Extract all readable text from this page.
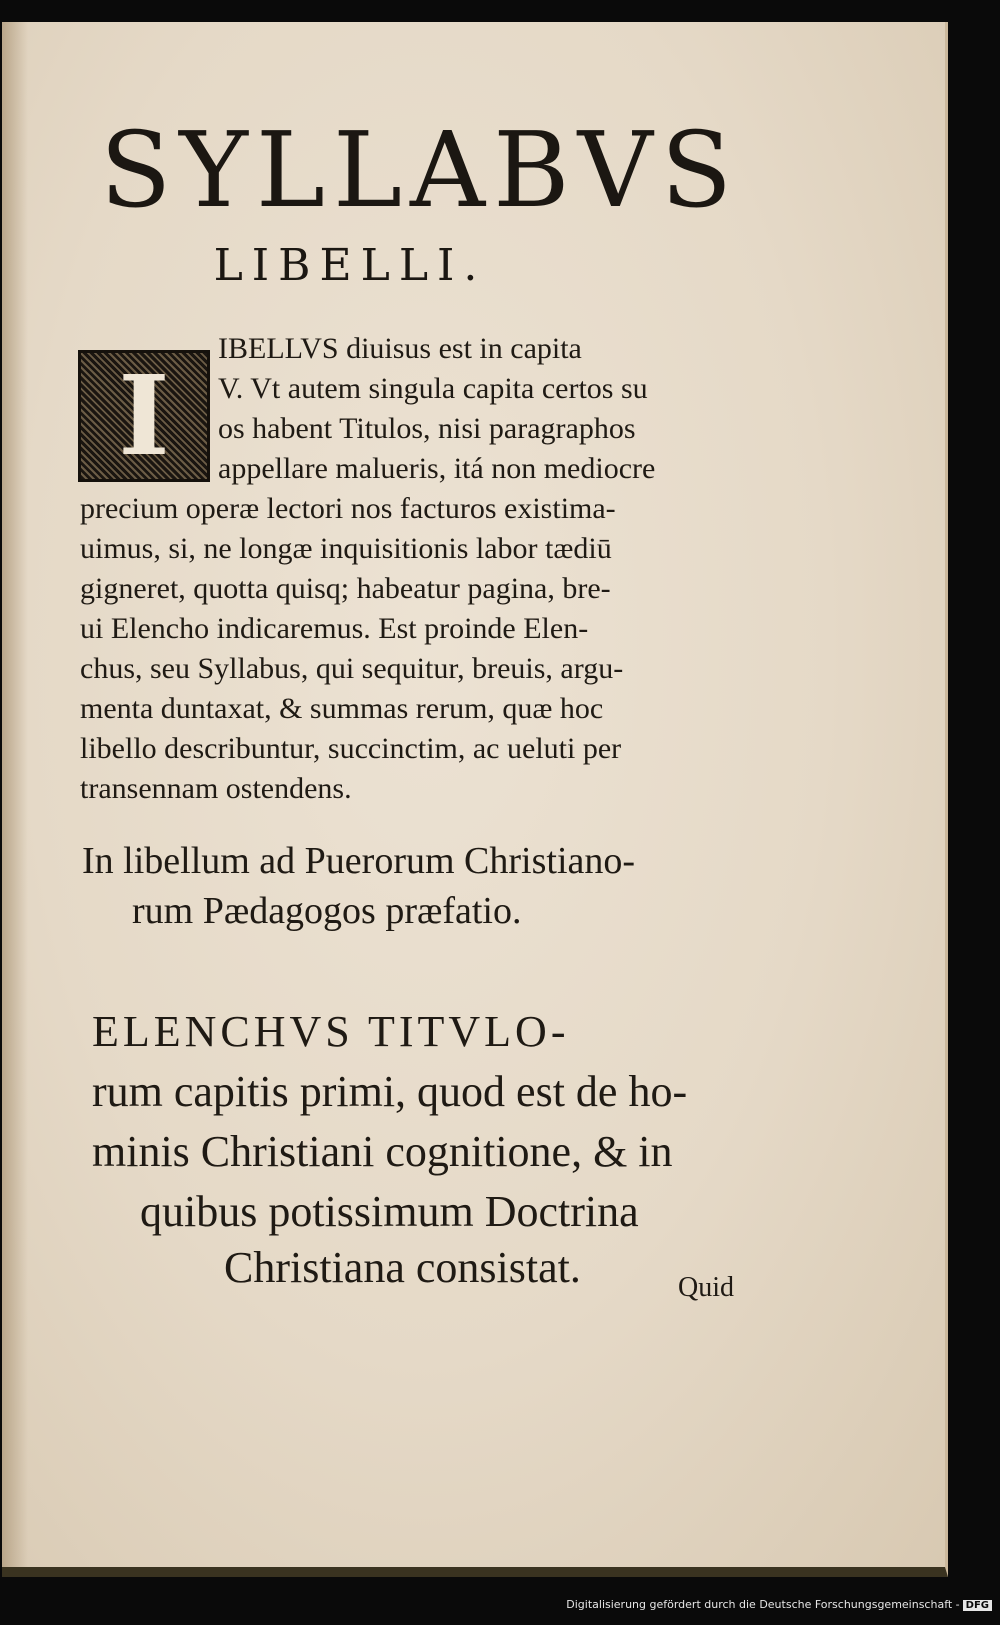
SYLLABVS
LIBELLI.
I
IBELLVS diuisus est in capita
V. Vt autem singula capita certos su
os habent Titulos, nisi paragraphos
appellare malueris, itá non mediocre
precium operæ lectori nos facturos existima-
uimus, si, ne longæ inquisitionis labor tædiū
gigneret, quotta quisq; habeatur pagina, bre-
ui Elencho indicaremus. Est proinde Elen-
chus, seu Syllabus, qui sequitur, breuis, argu-
menta duntaxat, & summas rerum, quæ hoc
libello describuntur, succinctim, ac ueluti per
transennam ostendens.
In libellum ad Puerorum Christiano-
rum Pædagogos præfatio.
ELENCHVS TITVLO-
rum capitis primi, quod est de ho-
minis Christiani cognitione, & in
quibus potissimum Doctrina
Christiana consistat.	Quid
Digitalisierung gefördert durch die Deutsche Forschungsgemeinschaft - DFG
